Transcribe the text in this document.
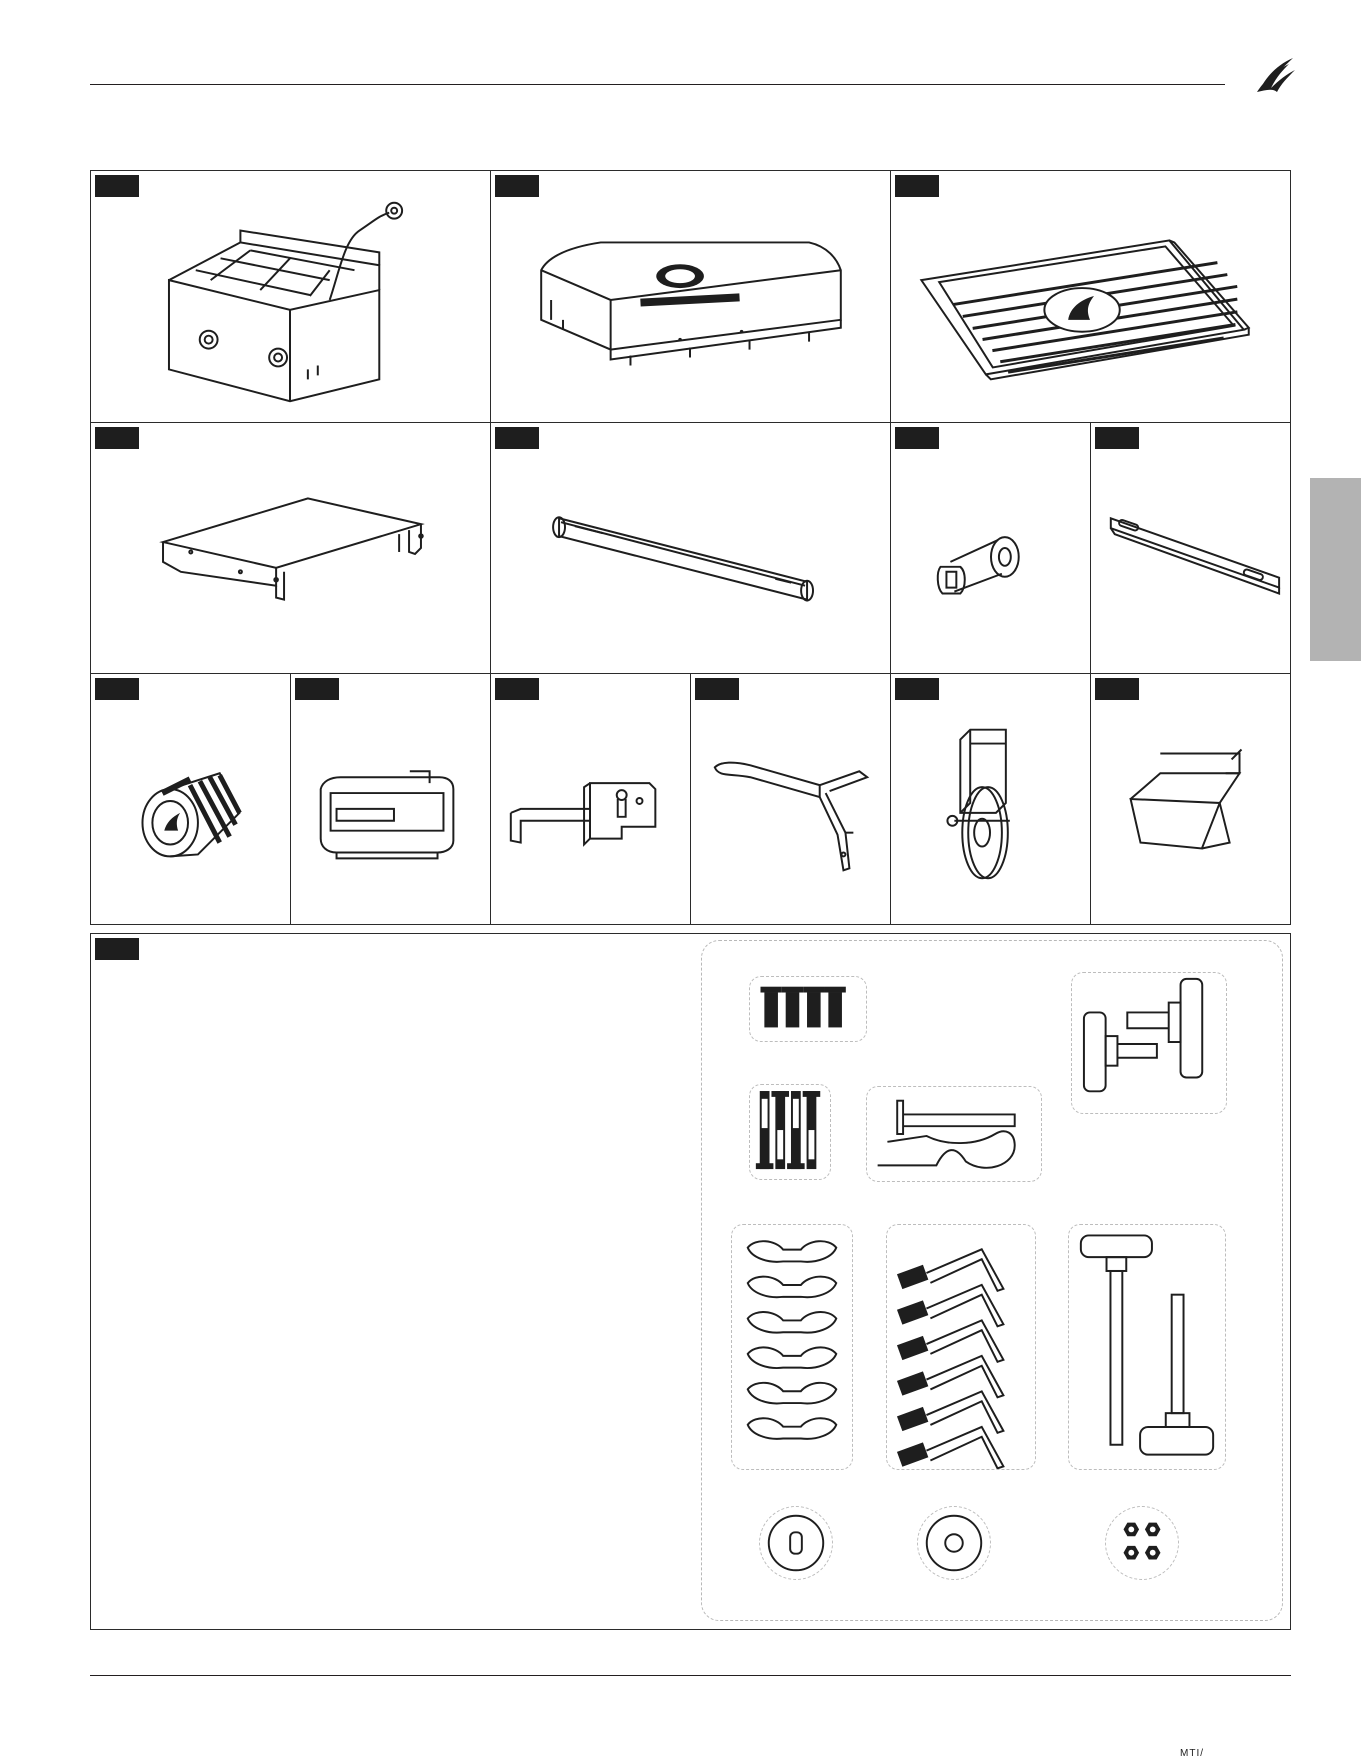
MTI/
